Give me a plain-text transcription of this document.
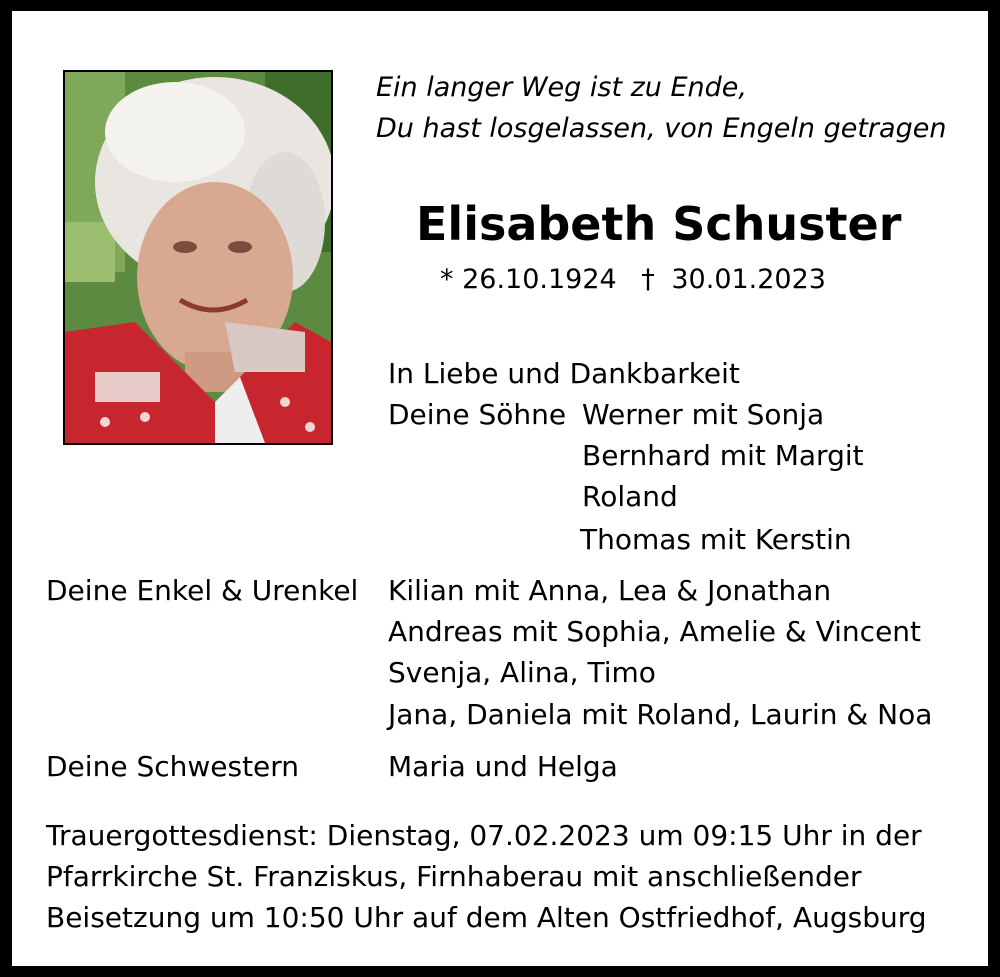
Ein langer Weg ist zu Ende,
Du hast losgelassen, von Engeln getragen
Elisabeth Schuster
* 26.10.1924 † 30.01.2023
In Liebe und Dankbarkeit
Deine Söhne Werner mit Sonja
Bernhard mit Margit
Roland
Thomas mit Kerstin
Deine Enkel & Urenkel Kilian mit Anna, Lea & Jonathan
Andreas mit Sophia, Amelie & Vincent
Svenja, Alina, Timo
Jana, Daniela mit Roland, Laurin & Noa
Deine Schwestern	Maria und Helga
Trauergottesdienst: Dienstag, 07.02.2023 um 09:15 Uhr in der
Pfarrkirche St. Franziskus, Firnhaberau mit anschließender
Beisetzung um 10:50 Uhr auf dem Alten Ostfriedhof, Augsburg
